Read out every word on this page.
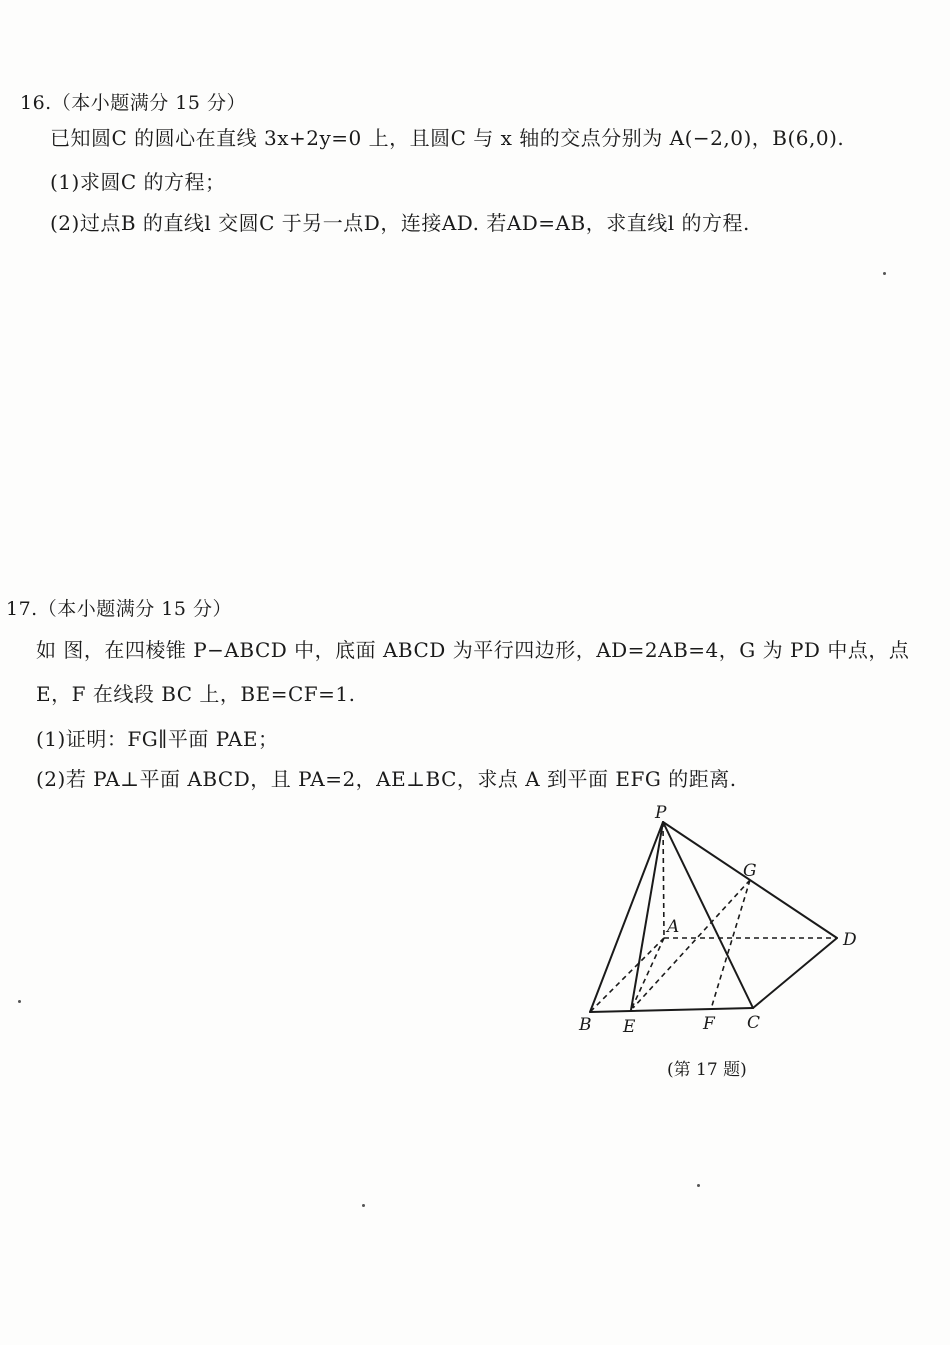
16.（本小题满分 15 分）
已知圆C 的圆心在直线 3x+2y=0 上，且圆C 与 x 轴的交点分别为 A(−2,0)，B(6,0).
(1)求圆C 的方程；
(2)过点B 的直线l 交圆C 于另一点D，连接AD. 若AD=AB，求直线l 的方程.
17.（本小题满分 15 分）
如 图，在四棱锥 P−ABCD 中，底面 ABCD 为平行四边形，AD=2AB=4，G 为 PD 中点，点
E，F 在线段 BC 上，BE=CF=1.
(1)证明：FG∥平面 PAE；
(2)若 PA⊥平面 ABCD，且 PA=2，AE⊥BC，求点 A 到平面 EFG 的距离.
P
G
A
D
B E	F C
(第 17 题)
